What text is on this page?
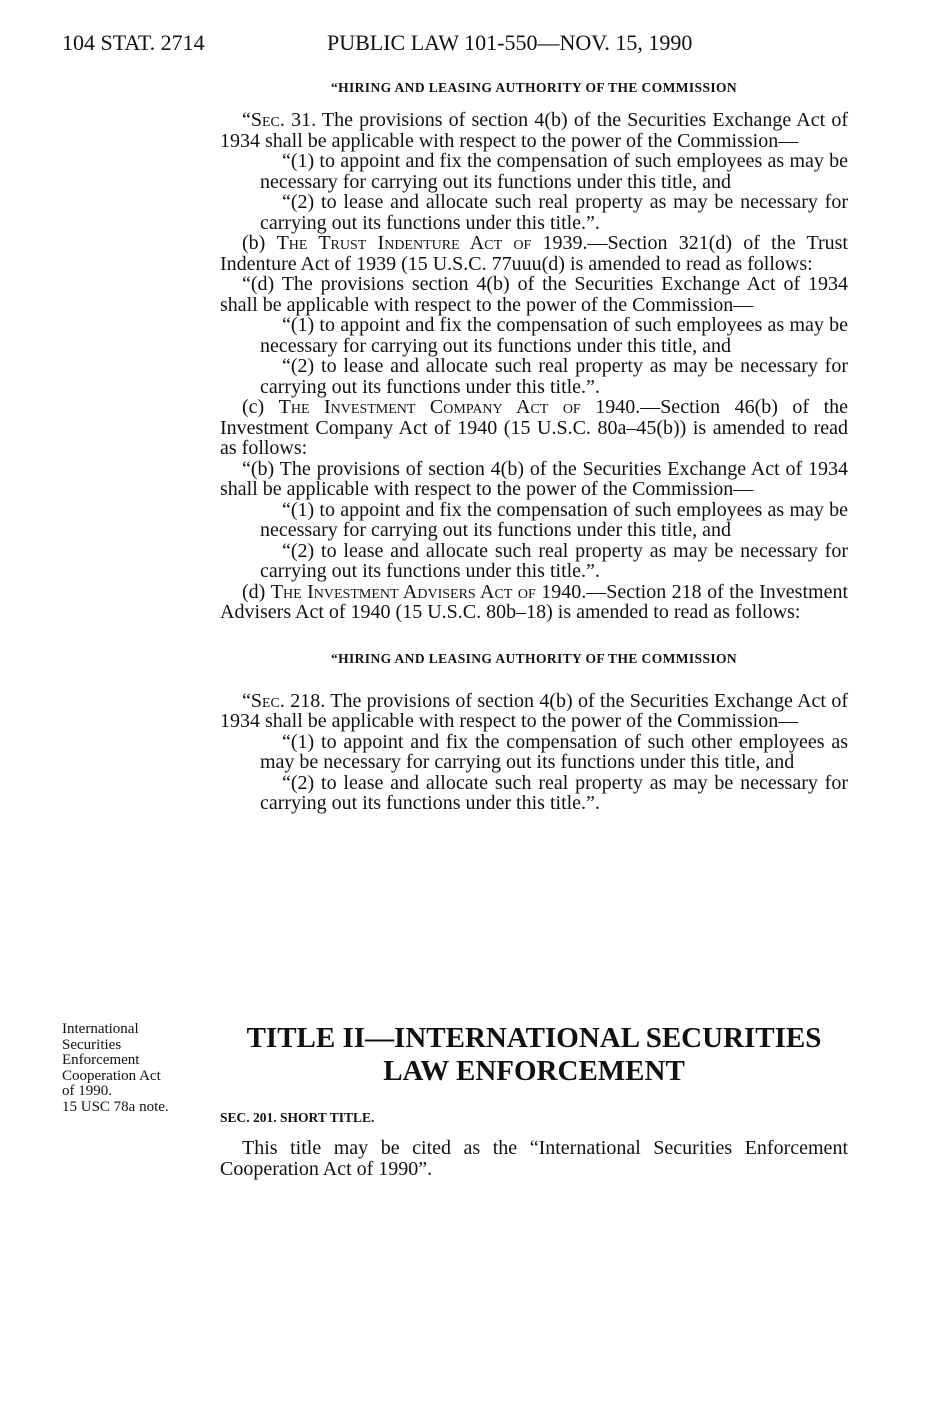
104 STAT. 2714	PUBLIC LAW 101-550—NOV. 15, 1990
“HIRING AND LEASING AUTHORITY OF THE COMMISSION

“Sec. 31. The provisions of section 4(b) of the Securities Exchange Act of 1934 shall be applicable with respect to the power of the Commission—

“(1) to appoint and fix the compensation of such employees as may be necessary for carrying out its functions under this title, and

“(2) to lease and allocate such real property as may be necessary for carrying out its functions under this title.”.

(b) The Trust Indenture Act of 1939.—Section 321(d) of the Trust Indenture Act of 1939 (15 U.S.C. 77uuu(d) is amended to read as follows:

“(d) The provisions section 4(b) of the Securities Exchange Act of 1934 shall be applicable with respect to the power of the Commission—

“(1) to appoint and fix the compensation of such employees as may be necessary for carrying out its functions under this title, and

“(2) to lease and allocate such real property as may be necessary for carrying out its functions under this title.”.

(c) The Investment Company Act of 1940.—Section 46(b) of the Investment Company Act of 1940 (15 U.S.C. 80a–45(b)) is amended to read as follows:

“(b) The provisions of section 4(b) of the Securities Exchange Act of 1934 shall be applicable with respect to the power of the Commission—

“(1) to appoint and fix the compensation of such employees as may be necessary for carrying out its functions under this title, and

“(2) to lease and allocate such real property as may be necessary for carrying out its functions under this title.”.

(d) The Investment Advisers Act of 1940.—Section 218 of the Investment Advisers Act of 1940 (15 U.S.C. 80b–18) is amended to read as follows:

“HIRING AND LEASING AUTHORITY OF THE COMMISSION

“Sec. 218. The provisions of section 4(b) of the Securities Exchange Act of 1934 shall be applicable with respect to the power of the Commission—

“(1) to appoint and fix the compensation of such other employees as may be necessary for carrying out its functions under this title, and

“(2) to lease and allocate such real property as may be necessary for carrying out its functions under this title.”.

International
Securities
Enforcement
Cooperation Act
of 1990.
15 USC 78a note.
TITLE II—INTERNATIONAL SECURITIES
LAW ENFORCEMENT
SEC. 201. SHORT TITLE.

This title may be cited as the “International Securities Enforcement Cooperation Act of 1990”.
